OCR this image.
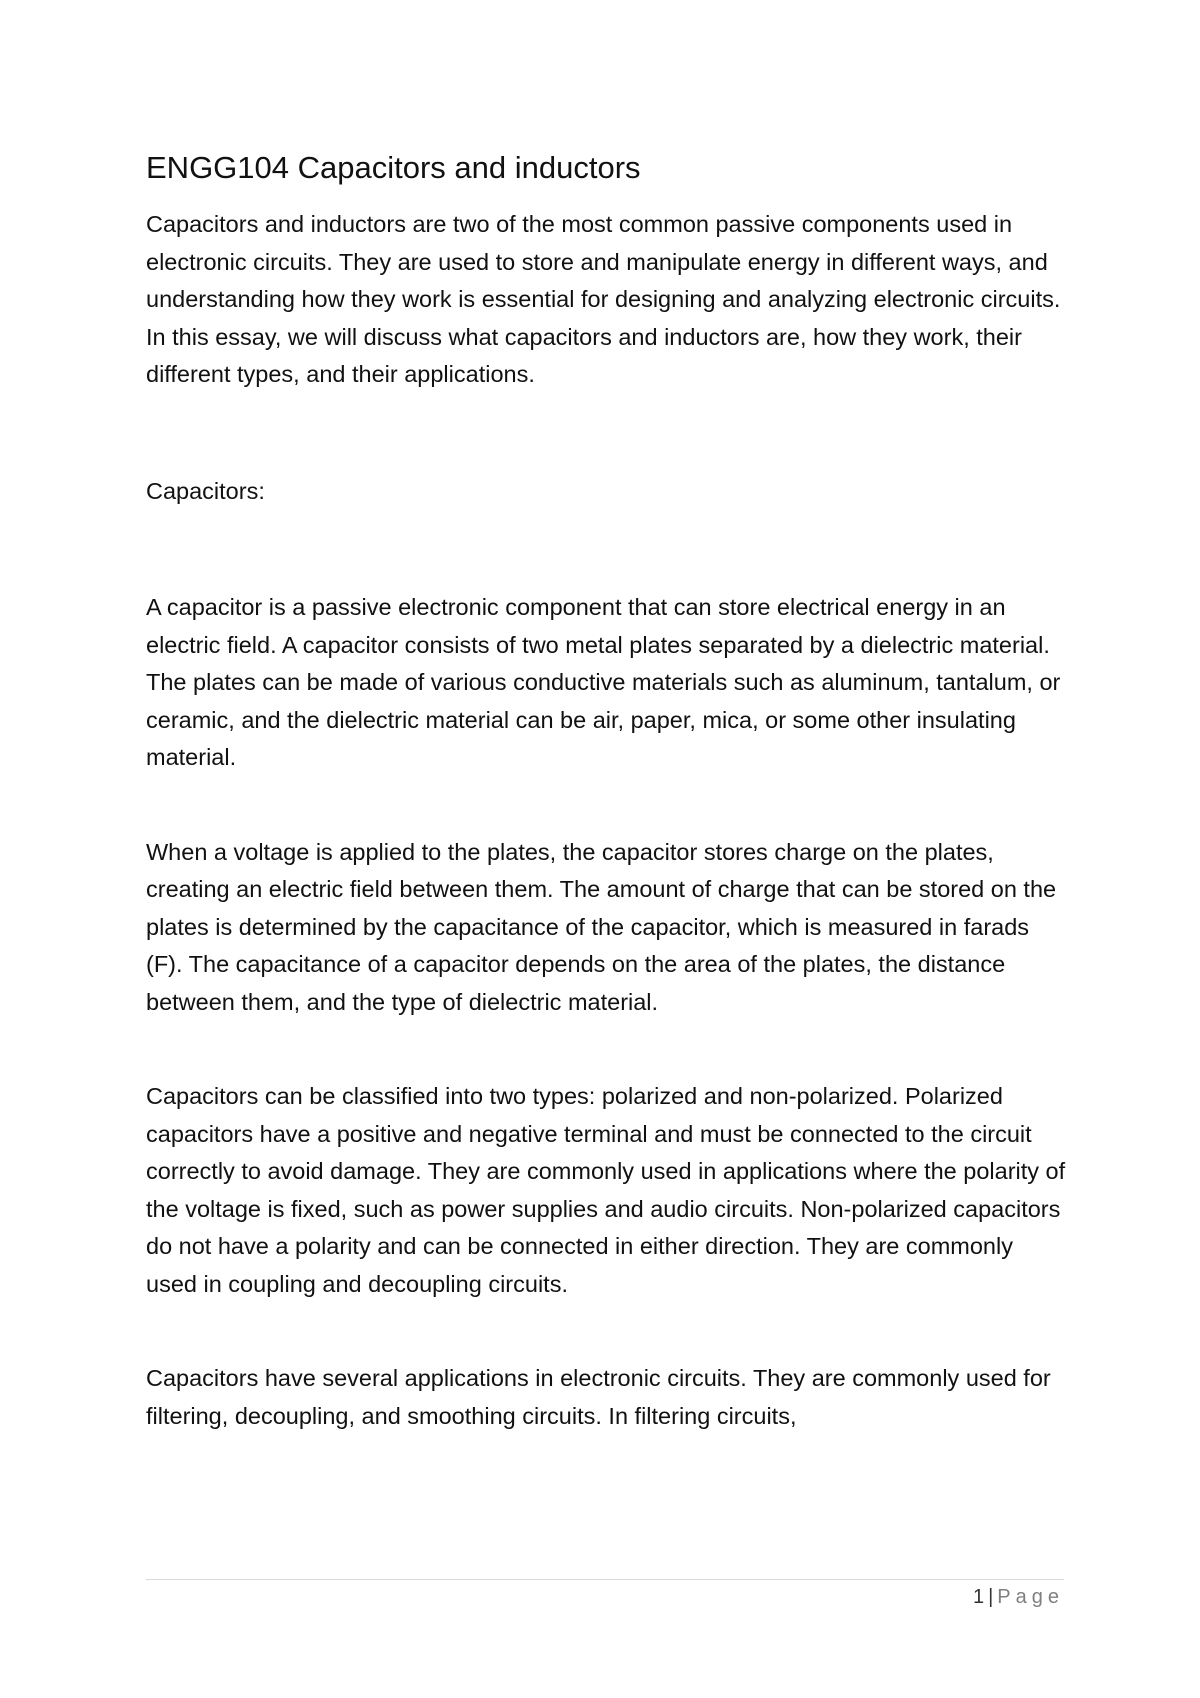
ENGG104 Capacitors and inductors

Capacitors and inductors are two of the most common passive components used in electronic circuits. They are used to store and manipulate energy in different ways, and understanding how they work is essential for designing and analyzing electronic circuits. In this essay, we will discuss what capacitors and inductors are, how they work, their different types, and their applications.

Capacitors:

A capacitor is a passive electronic component that can store electrical energy in an electric field. A capacitor consists of two metal plates separated by a dielectric material. The plates can be made of various conductive materials such as aluminum, tantalum, or ceramic, and the dielectric material can be air, paper, mica, or some other insulating material.

When a voltage is applied to the plates, the capacitor stores charge on the plates, creating an electric field between them. The amount of charge that can be stored on the plates is determined by the capacitance of the capacitor, which is measured in farads (F). The capacitance of a capacitor depends on the area of the plates, the distance between them, and the type of dielectric material.

Capacitors can be classified into two types: polarized and non-polarized. Polarized capacitors have a positive and negative terminal and must be connected to the circuit correctly to avoid damage. They are commonly used in applications where the polarity of the voltage is fixed, such as power supplies and audio circuits. Non-polarized capacitors do not have a polarity and can be connected in either direction. They are commonly used in coupling and decoupling circuits.

Capacitors have several applications in electronic circuits. They are commonly used for filtering, decoupling, and smoothing circuits. In filtering circuits,

1 | Page
